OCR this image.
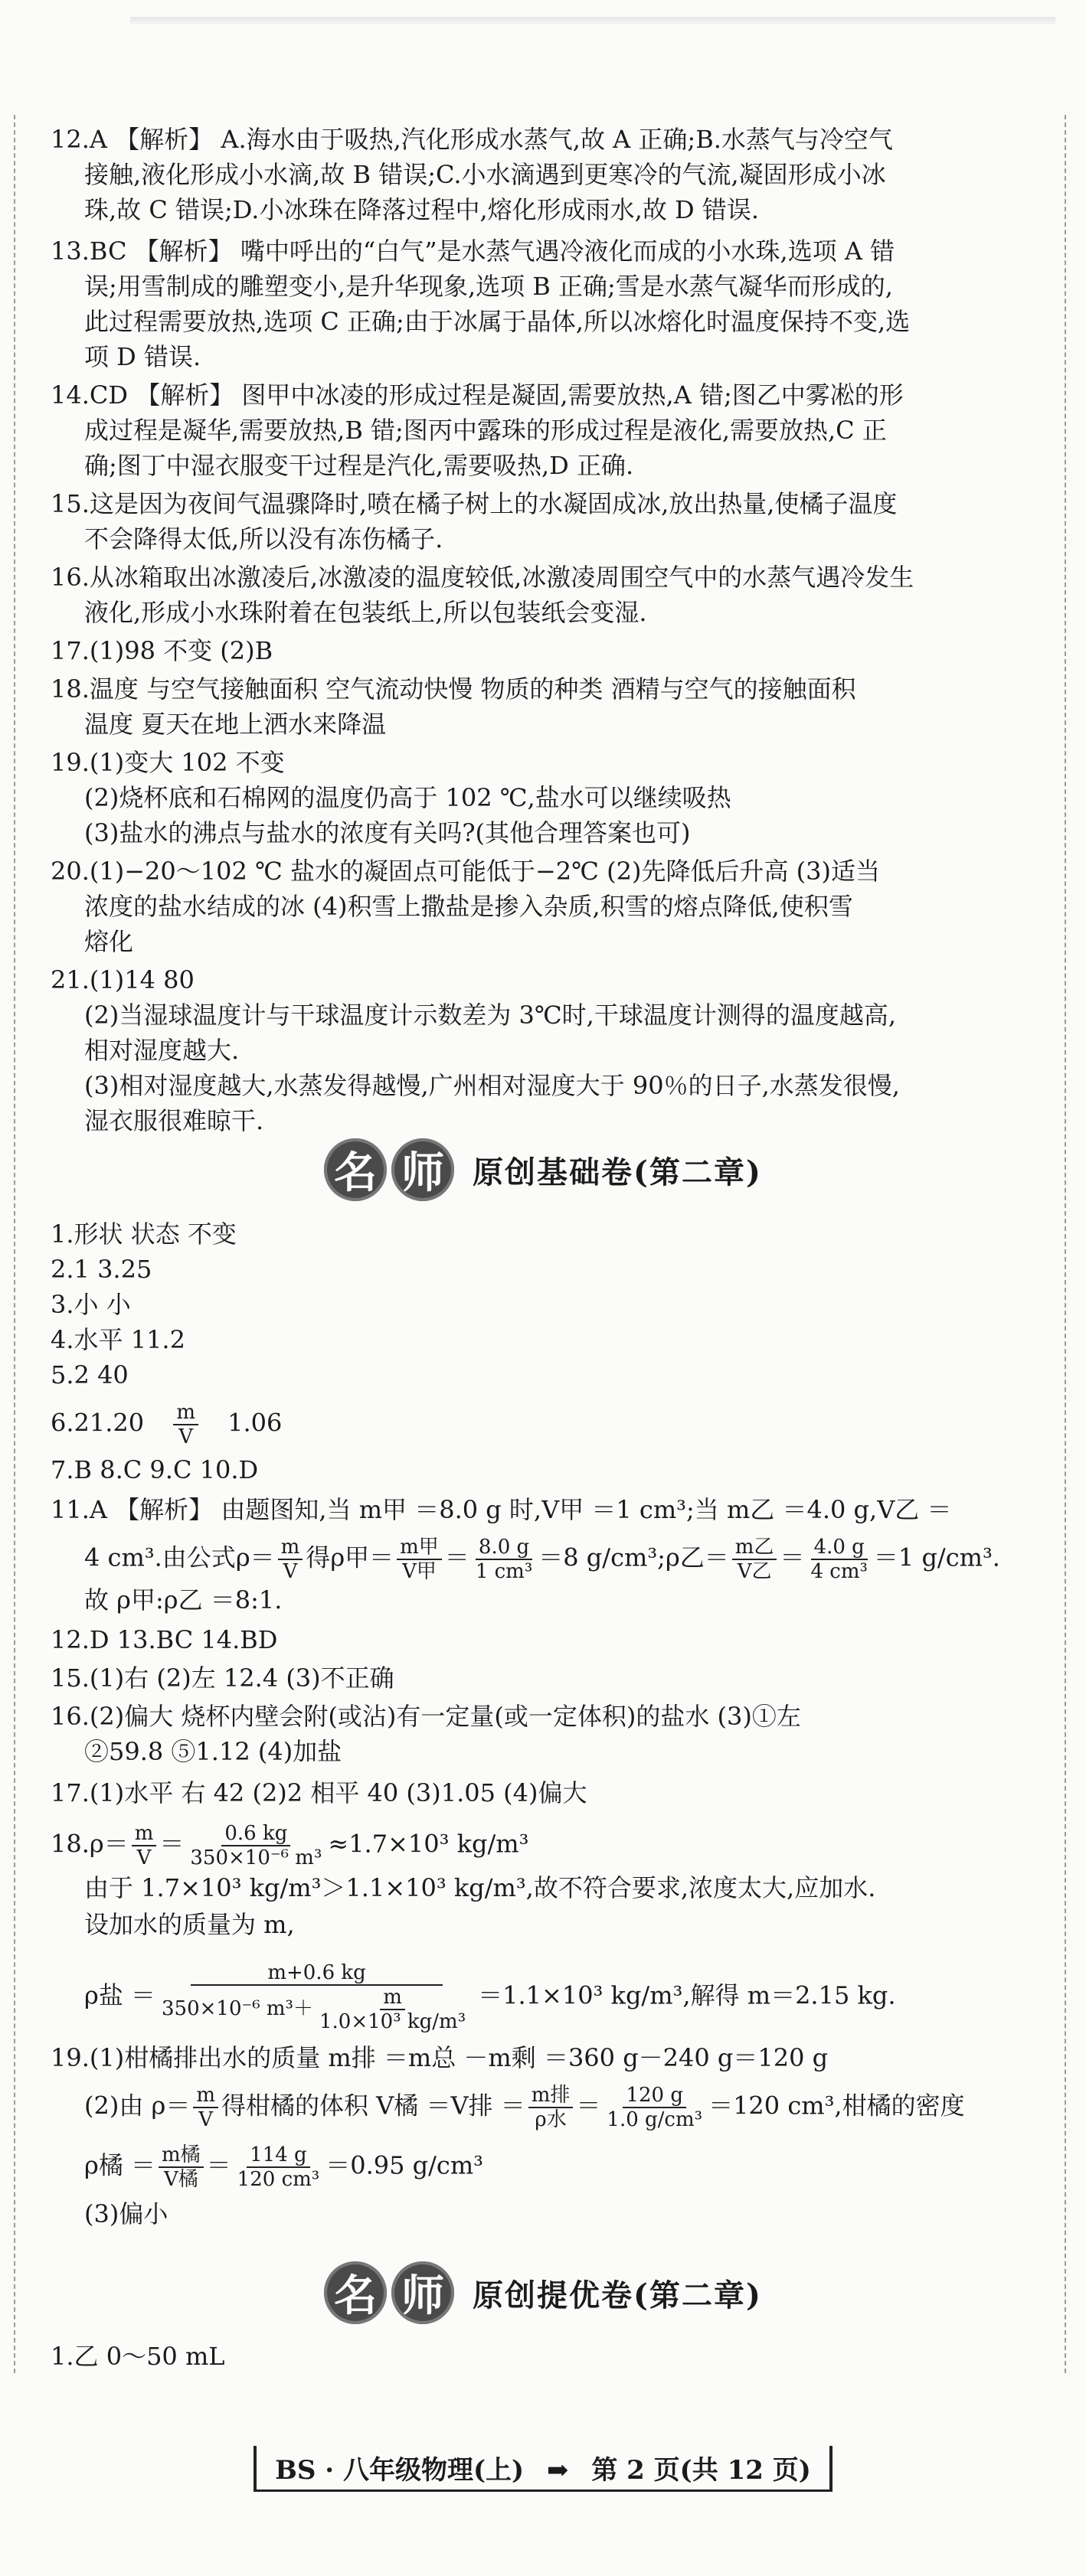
12.A 【解析】 A.海水由于吸热,汽化形成水蒸气,故 A 正确;B.水蒸气与冷空气
接触,液化形成小水滴,故 B 错误;C.小水滴遇到更寒冷的气流,凝固形成小冰
珠,故 C 错误;D.小冰珠在降落过程中,熔化形成雨水,故 D 错误.
13.BC 【解析】 嘴中呼出的“白气”是水蒸气遇冷液化而成的小水珠,选项 A 错
误;用雪制成的雕塑变小,是升华现象,选项 B 正确;雪是水蒸气凝华而形成的,
此过程需要放热,选项 C 正确;由于冰属于晶体,所以冰熔化时温度保持不变,选
项 D 错误.
14.CD 【解析】 图甲中冰凌的形成过程是凝固,需要放热,A 错;图乙中雾凇的形
成过程是凝华,需要放热,B 错;图丙中露珠的形成过程是液化,需要放热,C 正
确;图丁中湿衣服变干过程是汽化,需要吸热,D 正确.
15.这是因为夜间气温骤降时,喷在橘子树上的水凝固成冰,放出热量,使橘子温度
不会降得太低,所以没有冻伤橘子.
16.从冰箱取出冰激凌后,冰激凌的温度较低,冰激凌周围空气中的水蒸气遇冷发生
液化,形成小水珠附着在包装纸上,所以包装纸会变湿.
17.(1)98 不变 (2)B
18.温度 与空气接触面积 空气流动快慢 物质的种类 酒精与空气的接触面积
温度 夏天在地上洒水来降温
19.(1)变大 102 不变
(2)烧杯底和石棉网的温度仍高于 102 ℃,盐水可以继续吸热
(3)盐水的沸点与盐水的浓度有关吗?(其他合理答案也可)
20.(1)−20～102 ℃ 盐水的凝固点可能低于−2℃ (2)先降低后升高 (3)适当
浓度的盐水结成的冰 (4)积雪上撒盐是掺入杂质,积雪的熔点降低,使积雪
熔化
21.(1)14 80
(2)当湿球温度计与干球温度计示数差为 3℃时,干球温度计测得的温度越高,
相对湿度越大.
(3)相对湿度越大,水蒸发得越慢,广州相对湿度大于 90％的日子,水蒸发很慢,
湿衣服很难晾干.
名 师 原创基础卷(第二章)
1.形状 状态 不变
2.1 3.25
3.小 小
4.水平 11.2
5.2 40
$6.21.20 \frac{m}{V} 1.06$
7.B 8.C 9.C 10.D
11.A 【解析】 由题图知,当 m甲 ＝8.0 g 时,V甲 ＝1 cm³;当 m乙 ＝4.0 g,V乙 ＝
4 cm³.由公式$\rho= \frac{m}{V}$ 得ρ甲＝ $\frac{\text{m甲}}{\text{V甲}} = \frac{8.0 g}{\text{1 cm³}} =8$ g/cm³;ρ乙＝ $\frac{\text{m乙}}{\text{V乙}} = \frac{4.0 g}{\text{4 cm³}} =1$ g/cm³.
故 ρ甲:ρ乙 ＝8:1.
12.D 13.BC 14.BD
15.(1)右 (2)左 12.4 (3)不正确
16.(2)偏大 烧杯内壁会附(或沾)有一定量(或一定体积)的盐水 (3)①左
②59.8 ⑤1.12 (4)加盐
17.(1)水平 右 42 (2)2 相平 40 (3)1.05 (4)偏大
$18.\rho= \frac{m}{V} = \frac{0.6 kg}{\text{350×10⁻⁶ m³}} \approx 1.7\times 10^3$ kg/m³
由于 1.7×10³ kg/m³＞1.1×10³ kg/m³,故不符合要求,浓度太大,应加水.
设加水的质量为 m,
ρ盐 ＝ $\frac{m+0.6 kg}{350\times 10^{-6} m^3+ \frac{m}{\text{1.0×10³ kg/m³}}} =1.1\times 10^3$ kg/m³,解得 m＝2.15 kg.
19.(1)柑橘排出水的质量 m排 ＝m总 －m剩 ＝360 g－240 g＝120 g
(2)由 $\rho= \frac{m}{V}$ 得柑橘的体积 V橘 ＝V排 ＝ $\frac{\text{m排}}{\text{ρ水}} = \frac{120 g}{\text{1.0 g/cm³}} =120$ cm³,柑橘的密度
ρ橘 ＝ $\frac{\text{m橘}}{\text{V橘}} = \frac{114 g}{\text{120 cm³}} =0.95$ g/cm³
(3)偏小
名 师 原创提优卷(第二章)
1.乙 0～50 mL
BS · 八年级物理(上) ➡ 第 2 页(共 12 页)
